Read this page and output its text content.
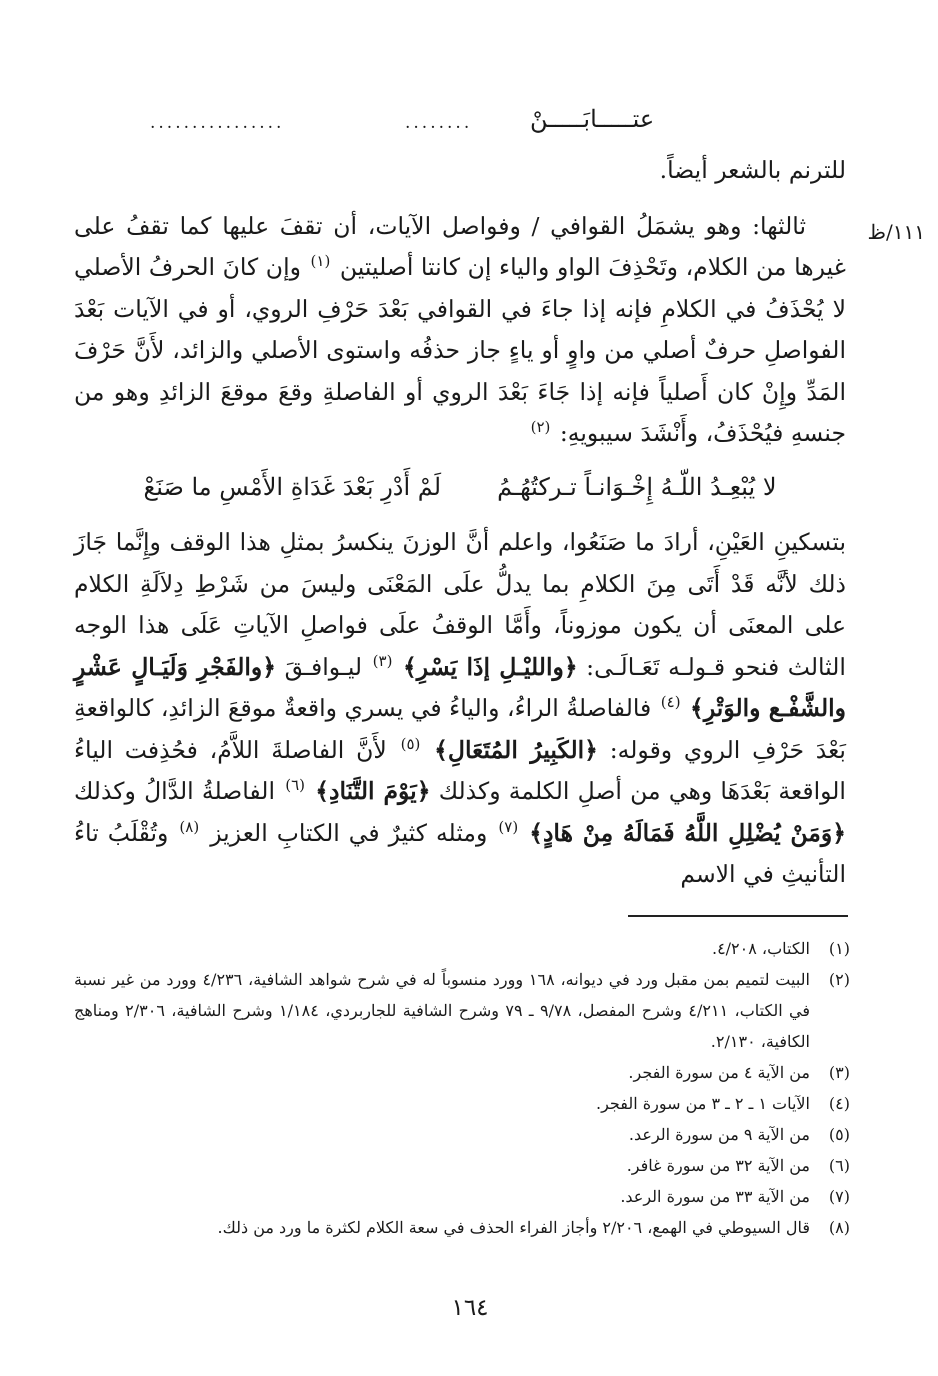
................	........ عتـــــابَـــــنْ
١١١/ظ

للترنم بالشعر أيضاً.

ثالثها: وهو يشمَلُ القوافي / وفواصل الآيات، أن تقفَ عليها كما تقفُ على غيرها من الكلام، وتَحْذِفَ الواو والياء إن كانتا أصليتين $^{(١)}$ وإن كانَ الحرفُ الأصلي لا يُحْذَفُ في الكلامِ فإنه إذا جاءَ في القوافي بَعْدَ حَرْفِ الروي، أو في الآيات بَعْدَ الفواصلِ حرفٌ أصلي من واوٍ أو ياءٍ جاز حذفُه واستوى الأصلي والزائد، لأَنَّ حَرْفَ المَدِّ وإِنْ كان أَصلياً فإنه إذا جَاءَ بَعْدَ الروي أو الفاصلةِ وقعَ موقعَ الزائدِ وهو من جنسهِ فيُحْذَفُ، وأَنْشَدَ سيبويهِ: $^{(٢)}$

لا يُبْعِـدُ اللّـهُ إِخْـوَانـاً تـركتُهُـمُ
لَمْ أَدْرِ بَعْدَ غَدَاةِ الأَمْسِ ما صَنَعْ

بتسكينِ العَيْنِ، أرادَ ما صَنَعُوا، واعلم أنَّ الوزنَ ينكسرُ بمثلِ هذا الوقف وإِنَّما جَازَ ذلك لأنَّه قَدْ أَتَى مِنَ الكلامِ بما يدلُّ علَى المَعْنَى وليسَ من شَرْطِ دِلاَلَةِ الكلام على المعنَى أن يكون موزوناً، وأَمَّا الوقفُ علَى فواصلِ الآياتِ عَلَى هذا الوجه الثالث فنحو قـولـه تَعَـالَـى: ﴿والليْـلِ إذَا يَسْرِ﴾ $^{(٣)}$ ليـوافـقَ ﴿والفَجْرِ وَلَيَـالٍ عَشْرٍ والشَّفْـع والوَتْرِ﴾ $^{(٤)}$ فالفاصلةُ الراءُ، والياءُ في يسري واقعةٌ موقعَ الزائدِ، كالواقعةِ بَعْدَ حَرْفِ الروي وقوله: ﴿الكَبِيرُ المُتَعَالِ﴾ $^{(٥)}$ لأَنَّ الفاصلةَ اللاَّمُ، فحُذِفت الياءُ الواقعة بَعْدَهَا وهي من أصلِ الكلمة وكذلك ﴿يَوْمَ التَّنَادِ﴾ $^{(٦)}$ الفاصلةُ الدَّالُ وكذلك ﴿وَمَنْ يُضْلِلِ اللَّهُ فَمَالَهُ مِنْ هَادٍ﴾ $^{(٧)}$ ومثله كثيرٌ في الكتابِ العزيز $^{(٨)}$ وتُقْلَبُ تاءُ التأنيثِ في الاسم

(١)
الكتاب، ٤/٢٠٨.
(٢)
البيت لتميم بمن مقبل ورد في ديوانه، ١٦٨ وورد منسوباً له في شرح شواهد الشافية، ٤/٢٣٦ وورد من غير نسبة في الكتاب، ٤/٢١١ وشرح المفصل، ٩/٧٨ ـ ٧٩ وشرح الشافية للجاربردي، ١/١٨٤ وشرح الشافية، ٢/٣٠٦ ومناهج الكافية، ٢/١٣٠.
(٣)
من الآية ٤ من سورة الفجر.
(٤)
الآيات ١ ـ ٢ ـ ٣ من سورة الفجر.
(٥)
من الآية ٩ من سورة الرعد.
(٦)
من الآية ٣٢ من سورة غافر.
(٧)
من الآية ٣٣ من سورة الرعد.
(٨)
قال السيوطي في الهمع، ٢/٢٠٦ وأجاز الفراء الحذف في سعة الكلام لكثرة ما ورد من ذلك.
١٦٤
